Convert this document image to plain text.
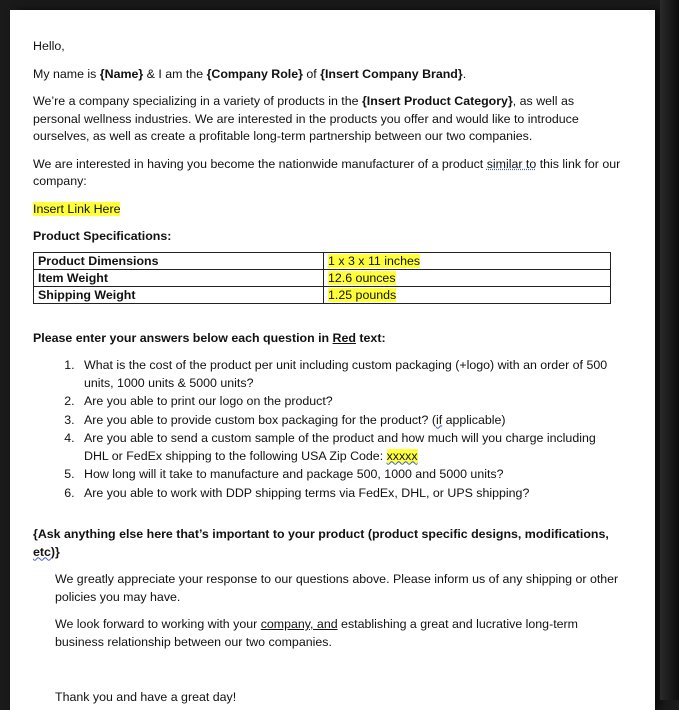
Hello,

My name is {Name} & I am the {Company Role} of {Insert Company Brand}.

We’re a company specializing in a variety of products in the {Insert Product Category}, as well as personal wellness industries. We are interested in the products you offer and would like to introduce ourselves, as well as create a profitable long-term partnership between our two companies.

We are interested in having you become the nationwide manufacturer of a product similar to this link for our company:

Insert Link Here

Product Specifications:

Product Dimensions	1 x 3 x 11 inches
Item Weight	12.6 ounces
Shipping Weight	1.25 pounds

Please enter your answers below each question in Red text:

1. What is the cost of the product per unit including custom packaging (+logo) with an order of 500 units, 1000 units & 5000 units?
2. Are you able to print our logo on the product?
3. Are you able to provide custom box packaging for the product? (if applicable)
4. Are you able to send a custom sample of the product and how much will you charge including DHL or FedEx shipping to the following USA Zip Code: xxxxx
5. How long will it take to manufacture and package 500, 1000 and 5000 units?
6. Are you able to work with DDP shipping terms via FedEx, DHL, or UPS shipping?

{Ask anything else here that’s important to your product (product specific designs, modifications, etc)}

We greatly appreciate your response to our questions above. Please inform us of any shipping or other policies you may have.

We look forward to working with your company, and establishing a great and lucrative long-term business relationship between our two companies.

Thank you and have a great day!
